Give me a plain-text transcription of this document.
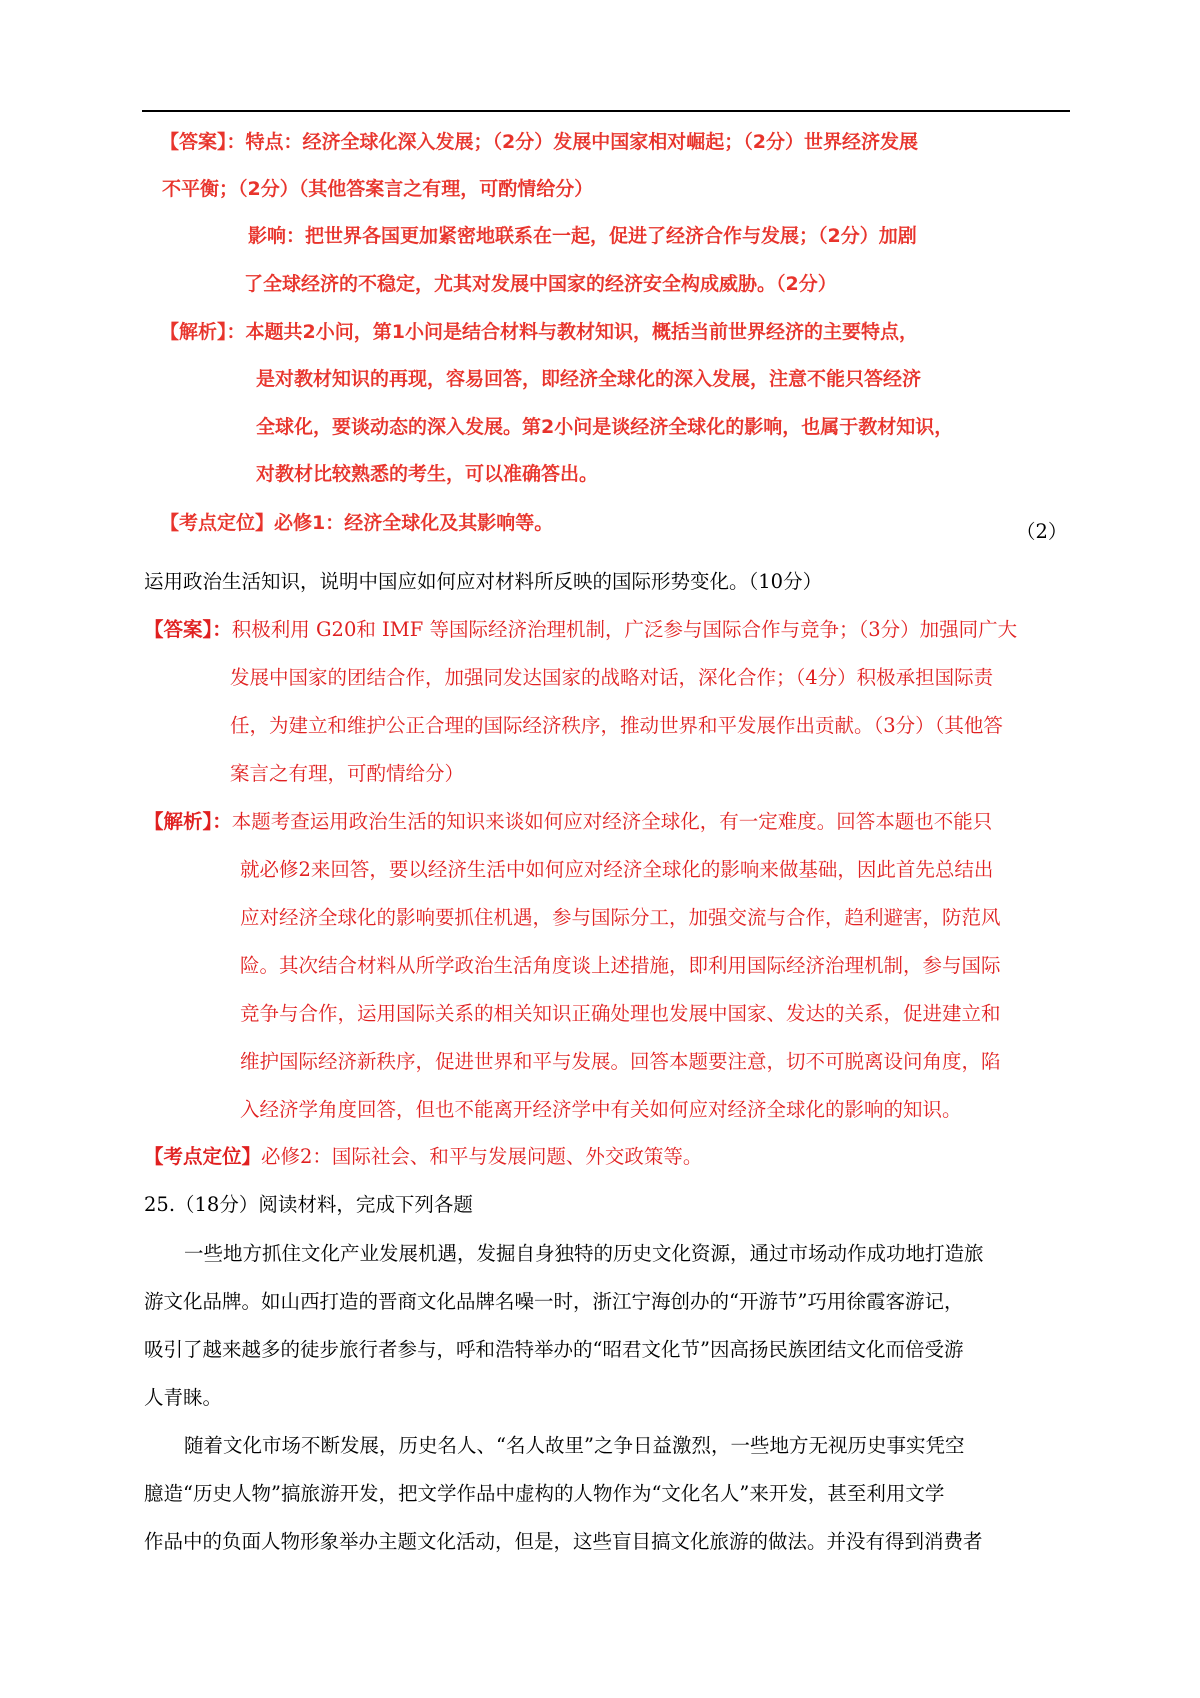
【答案】：特点：经济全球化深入发展；（2分）发展中国家相对崛起；（2分）世界经济发展
不平衡；（2分）（其他答案言之有理，可酌情给分）
影响：把世界各国更加紧密地联系在一起，促进了经济合作与发展；（2分）加剧
了全球经济的不稳定，尤其对发展中国家的经济安全构成威胁。（2分）
【解析】：本题共2小问，第1小问是结合材料与教材知识，概括当前世界经济的主要特点，
是对教材知识的再现，容易回答，即经济全球化的深入发展，注意不能只答经济
全球化，要谈动态的深入发展。第2小问是谈经济全球化的影响，也属于教材知识，
对教材比较熟悉的考生，可以准确答出。
【考点定位】必修1：经济全球化及其影响等。	（2）
运用政治生活知识，说明中国应如何应对材料所反映的国际形势变化。（10分）
【答案】：积极利用 G20和 IMF 等国际经济治理机制，广泛参与国际合作与竞争；（3分）加强同广大
发展中国家的团结合作，加强同发达国家的战略对话，深化合作；（4分）积极承担国际责
任，为建立和维护公正合理的国际经济秩序，推动世界和平发展作出贡献。（3分）（其他答
案言之有理，可酌情给分）
【解析】：本题考查运用政治生活的知识来谈如何应对经济全球化，有一定难度。回答本题也不能只
就必修2来回答，要以经济生活中如何应对经济全球化的影响来做基础，因此首先总结出
应对经济全球化的影响要抓住机遇，参与国际分工，加强交流与合作，趋利避害，防范风
险。其次结合材料从所学政治生活角度谈上述措施，即利用国际经济治理机制，参与国际
竞争与合作，运用国际关系的相关知识正确处理也发展中国家、发达的关系，促进建立和
维护国际经济新秩序，促进世界和平与发展。回答本题要注意，切不可脱离设问角度，陷
入经济学角度回答，但也不能离开经济学中有关如何应对经济全球化的影响的知识。
【考点定位】必修2：国际社会、和平与发展问题、外交政策等。
25.（18分）阅读材料，完成下列各题
一些地方抓住文化产业发展机遇，发掘自身独特的历史文化资源，通过市场动作成功地打造旅
游文化品牌。如山西打造的晋商文化品牌名噪一时，浙江宁海创办的“开游节”巧用徐霞客游记，
吸引了越来越多的徒步旅行者参与，呼和浩特举办的“昭君文化节”因高扬民族团结文化而倍受游
人青睐。
随着文化市场不断发展，历史名人、“名人故里”之争日益激烈，一些地方无视历史事实凭空
臆造“历史人物”搞旅游开发，把文学作品中虚构的人物作为“文化名人”来开发，甚至利用文学
作品中的负面人物形象举办主题文化活动，但是，这些盲目搞文化旅游的做法。并没有得到消费者
